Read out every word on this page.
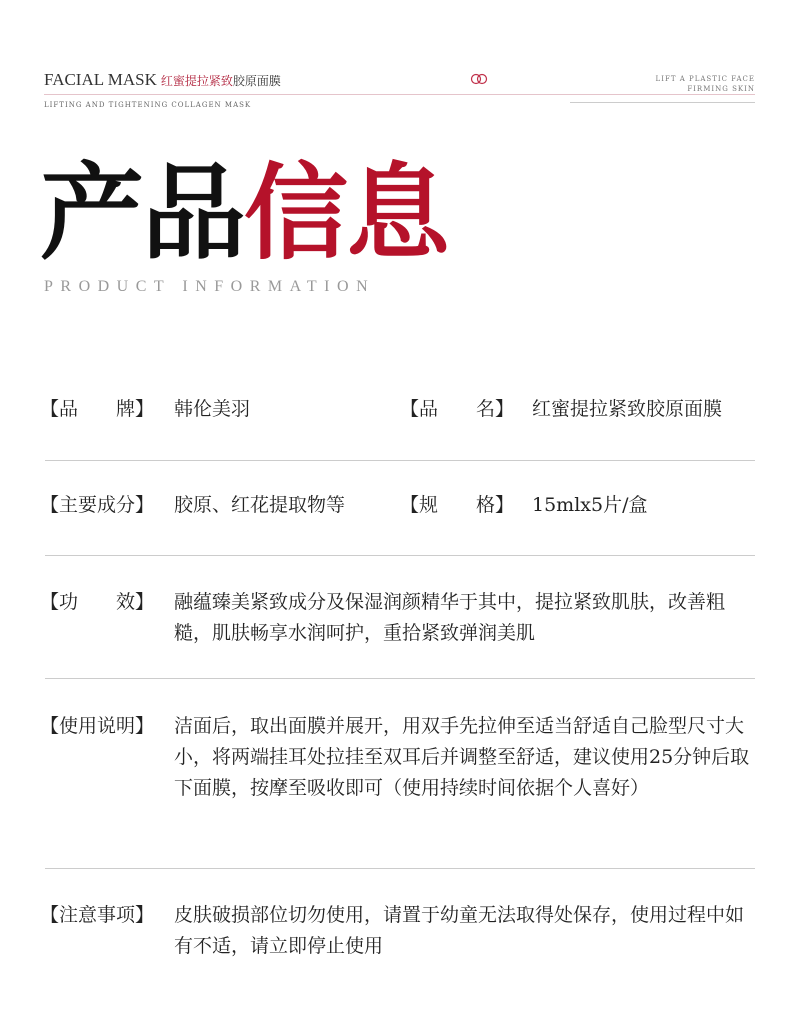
FACIAL MASK 红蜜提拉紧致胶原面膜	LIFT A PLASTIC FACE
FIRMING SKIN
LIFTING AND TIGHTENING COLLAGEN MASK
产品信息
PRODUCT INFORMATION
【品　　牌】 韩伦美羽	【品　　名】 红蜜提拉紧致胶原面膜
【主要成分】 胶原、红花提取物等	【规　　格】 15mlx5片/盒
【功　　效】 融蕴臻美紧致成分及保湿润颜精华于其中，提拉紧致肌肤，改善粗糙，肌肤畅享水润呵护，重拾紧致弹润美肌
【使用说明】 洁面后，取出面膜并展开，用双手先拉伸至适当舒适自己脸型尺寸大小，将两端挂耳处拉挂至双耳后并调整至舒适，建议使用25分钟后取下面膜，按摩至吸收即可（使用持续时间依据个人喜好）
【注意事项】 皮肤破损部位切勿使用，请置于幼童无法取得处保存，使用过程中如有不适，请立即停止使用
